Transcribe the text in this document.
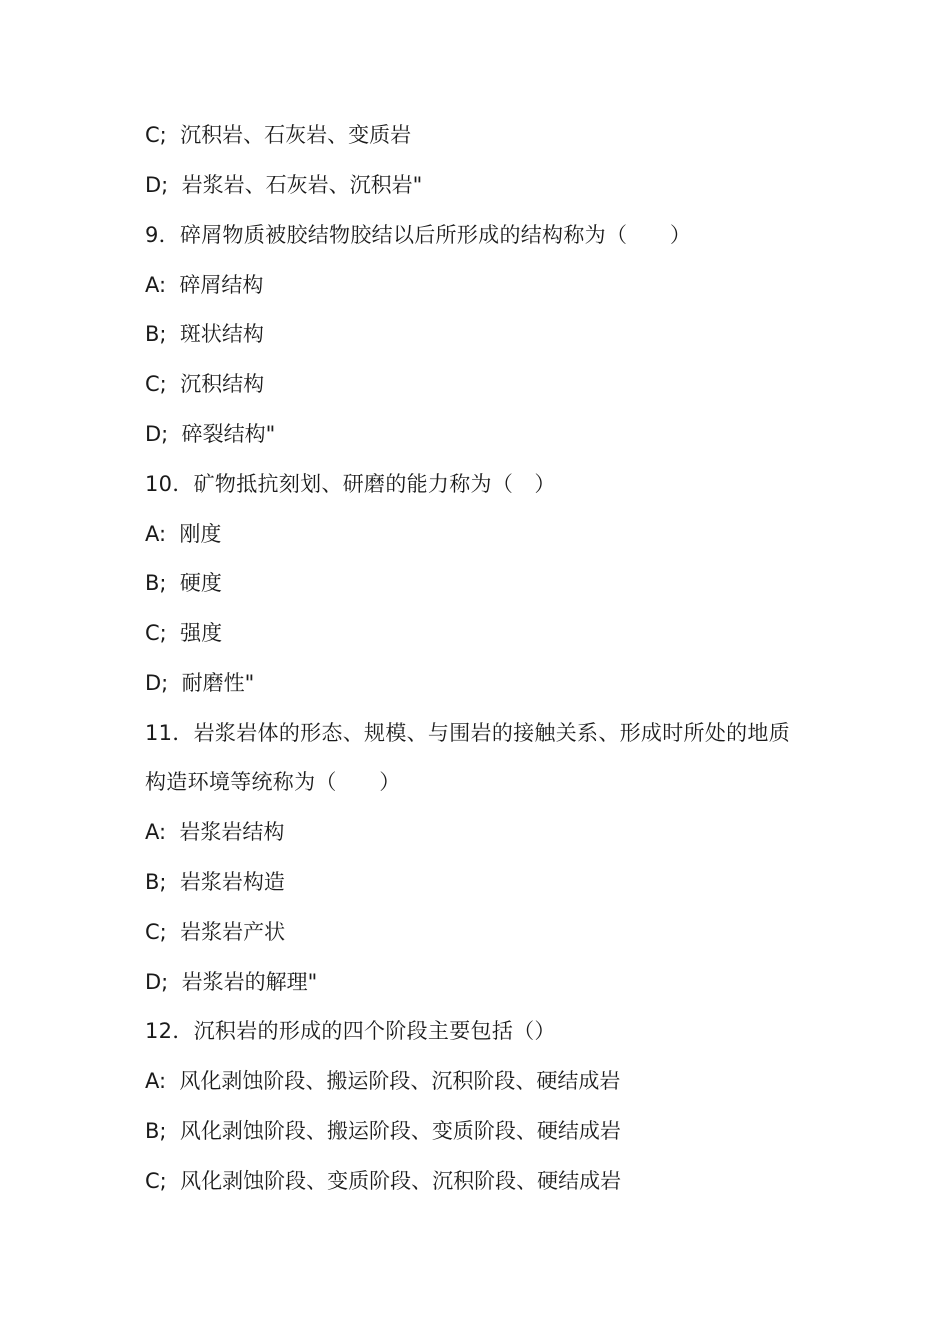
C;  沉积岩、石灰岩、变质岩
D;  岩浆岩、石灰岩、沉积岩"
9．碎屑物质被胶结物胶结以后所形成的结构称为（　　）
A:  碎屑结构
B;  斑状结构
C;  沉积结构
D;  碎裂结构"
10．矿物抵抗刻划、研磨的能力称为（　）
A:  刚度
B;  硬度
C;  强度
D;  耐磨性"
11．岩浆岩体的形态、规模、与围岩的接触关系、形成时所处的地质
构造环境等统称为（　　）
A:  岩浆岩结构
B;  岩浆岩构造
C;  岩浆岩产状
D;  岩浆岩的解理"
12．沉积岩的形成的四个阶段主要包括（）
A:  风化剥蚀阶段、搬运阶段、沉积阶段、硬结成岩
B;  风化剥蚀阶段、搬运阶段、变质阶段、硬结成岩
C;  风化剥蚀阶段、变质阶段、沉积阶段、硬结成岩
